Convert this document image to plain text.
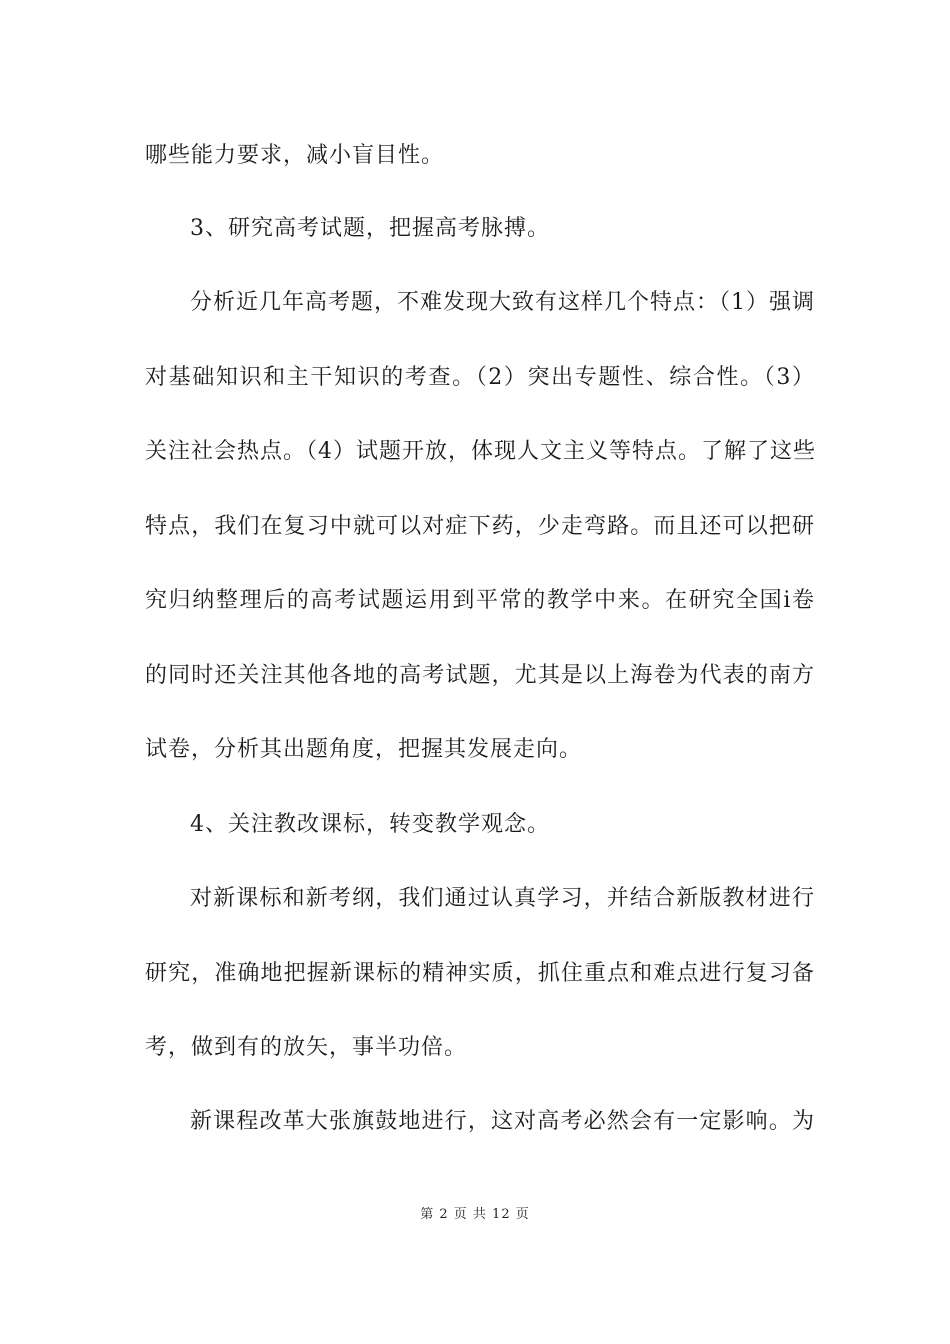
哪些能力要求，减小盲目性。
3、研究高考试题，把握高考脉搏。
分析近几年高考题，不难发现大致有这样几个特点：（1）强调
对基础知识和主干知识的考查。（2）突出专题性、综合性。（3）
关注社会热点。（4）试题开放，体现人文主义等特点。了解了这些
特点，我们在复习中就可以对症下药，少走弯路。而且还可以把研
究归纳整理后的高考试题运用到平常的教学中来。在研究全国ⅰ卷
的同时还关注其他各地的高考试题，尤其是以上海卷为代表的南方
试卷，分析其出题角度，把握其发展走向。
4、关注教改课标，转变教学观念。
对新课标和新考纲，我们通过认真学习，并结合新版教材进行
研究，准确地把握新课标的精神实质，抓住重点和难点进行复习备
考，做到有的放矢，事半功倍。
新课程改革大张旗鼓地进行，这对高考必然会有一定影响。为
第 2 页 共 12 页
